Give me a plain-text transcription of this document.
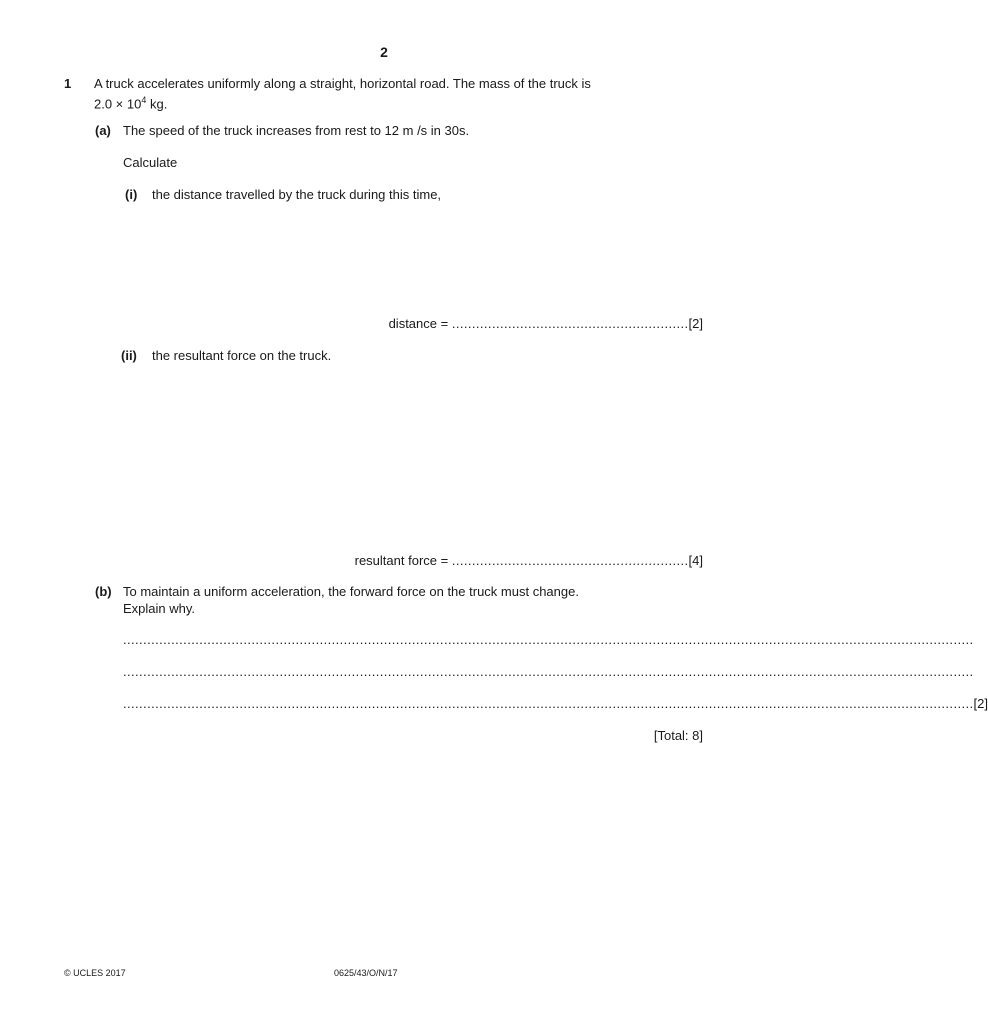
2
1 A truck accelerates uniformly along a straight, horizontal road. The mass of the truck is
$2.0 \times 10^4$ kg.
(a) The speed of the truck increases from rest to 12 m /s in 30s.
Calculate
(i) the distance travelled by the truck during this time,
distance = ...........................................................[2]
(ii) the resultant force on the truck.
resultant force = ...........................................................[4]
(b) To maintain a uniform acceleration, the forward force on the truck must change.
Explain why.
....................................................................................................................................................................................................................
....................................................................................................................................................................................................................
.................................................................................................................................................................................................................... [2]
[Total: 8]
© UCLES 2017	0625/43/O/N/17
